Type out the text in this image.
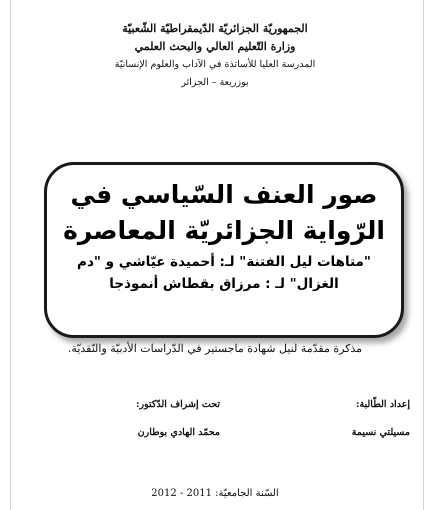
الجمهوريّة الجزائريّة الدّيمقراطيّة الشّعبيّة
وزارة التّعليم العالي والبحث العلمي
المدرسة العليا للأساتذة في الآداب والعلوم الإنسانيّة
بوزريعة – الجزائر
صور العنف السّياسي في
الرّواية الجزائريّة المعاصرة
"متاهات ليل الفتنة" لـ: أحميدة عيّاشي و "دم الغزال" لـ : مرزاق بقطاش أنموذجا
مذكرة مقدّمة لنيل شهادة ماجستير في الدّراسات الأدبيّة والنّقديّة.
إعداد الطّالبة:
مسيلتي نسيمة
تحت إشراف الدّكتور:
محمّد الهادي بوطارن
السّنة الجامعيّة: 2011 - 2012
